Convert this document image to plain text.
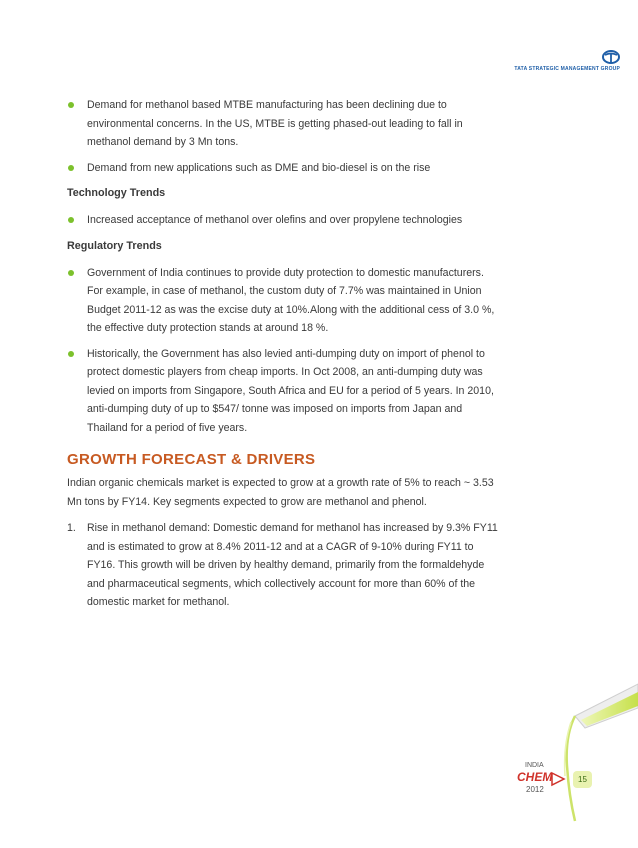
TATA STRATEGIC MANAGEMENT GROUP
Demand for methanol based MTBE manufacturing has been declining due to environmental concerns. In the US, MTBE is getting phased-out leading to fall in methanol demand by 3 Mn tons.
Demand from new applications such as DME and bio-diesel is on the rise
Technology Trends
Increased acceptance of methanol over olefins and over propylene technologies
Regulatory Trends
Government of India continues to provide duty protection to domestic manufacturers. For example, in case of methanol, the custom duty of 7.7% was maintained in Union Budget 2011-12 as was the excise duty at 10%.Along with the additional cess of 3.0 %, the effective duty protection stands at around 18 %.
Historically, the Government has also levied anti-dumping duty on import of phenol to protect domestic players from cheap imports. In Oct 2008, an anti-dumping duty was levied on imports from Singapore, South Africa and EU for a period of 5 years. In 2010, anti-dumping duty of up to $547/ tonne was imposed on imports from Japan and Thailand for a period of five years.
GROWTH FORECAST & DRIVERS
Indian organic chemicals market is expected to grow at a growth rate of 5% to reach ~ 3.53 Mn tons by FY14. Key segments expected to grow are methanol and phenol.
1. Rise in methanol demand: Domestic demand for methanol has increased by 9.3% FY11 and is estimated to grow at 8.4% 2011-12 and at a CAGR of 9-10% during FY11 to FY16. This growth will be driven by healthy demand, primarily from the formaldehyde and pharmaceutical segments, which collectively account for more than 60% of the domestic market for methanol.
INDIA
CHEM
2012
15
